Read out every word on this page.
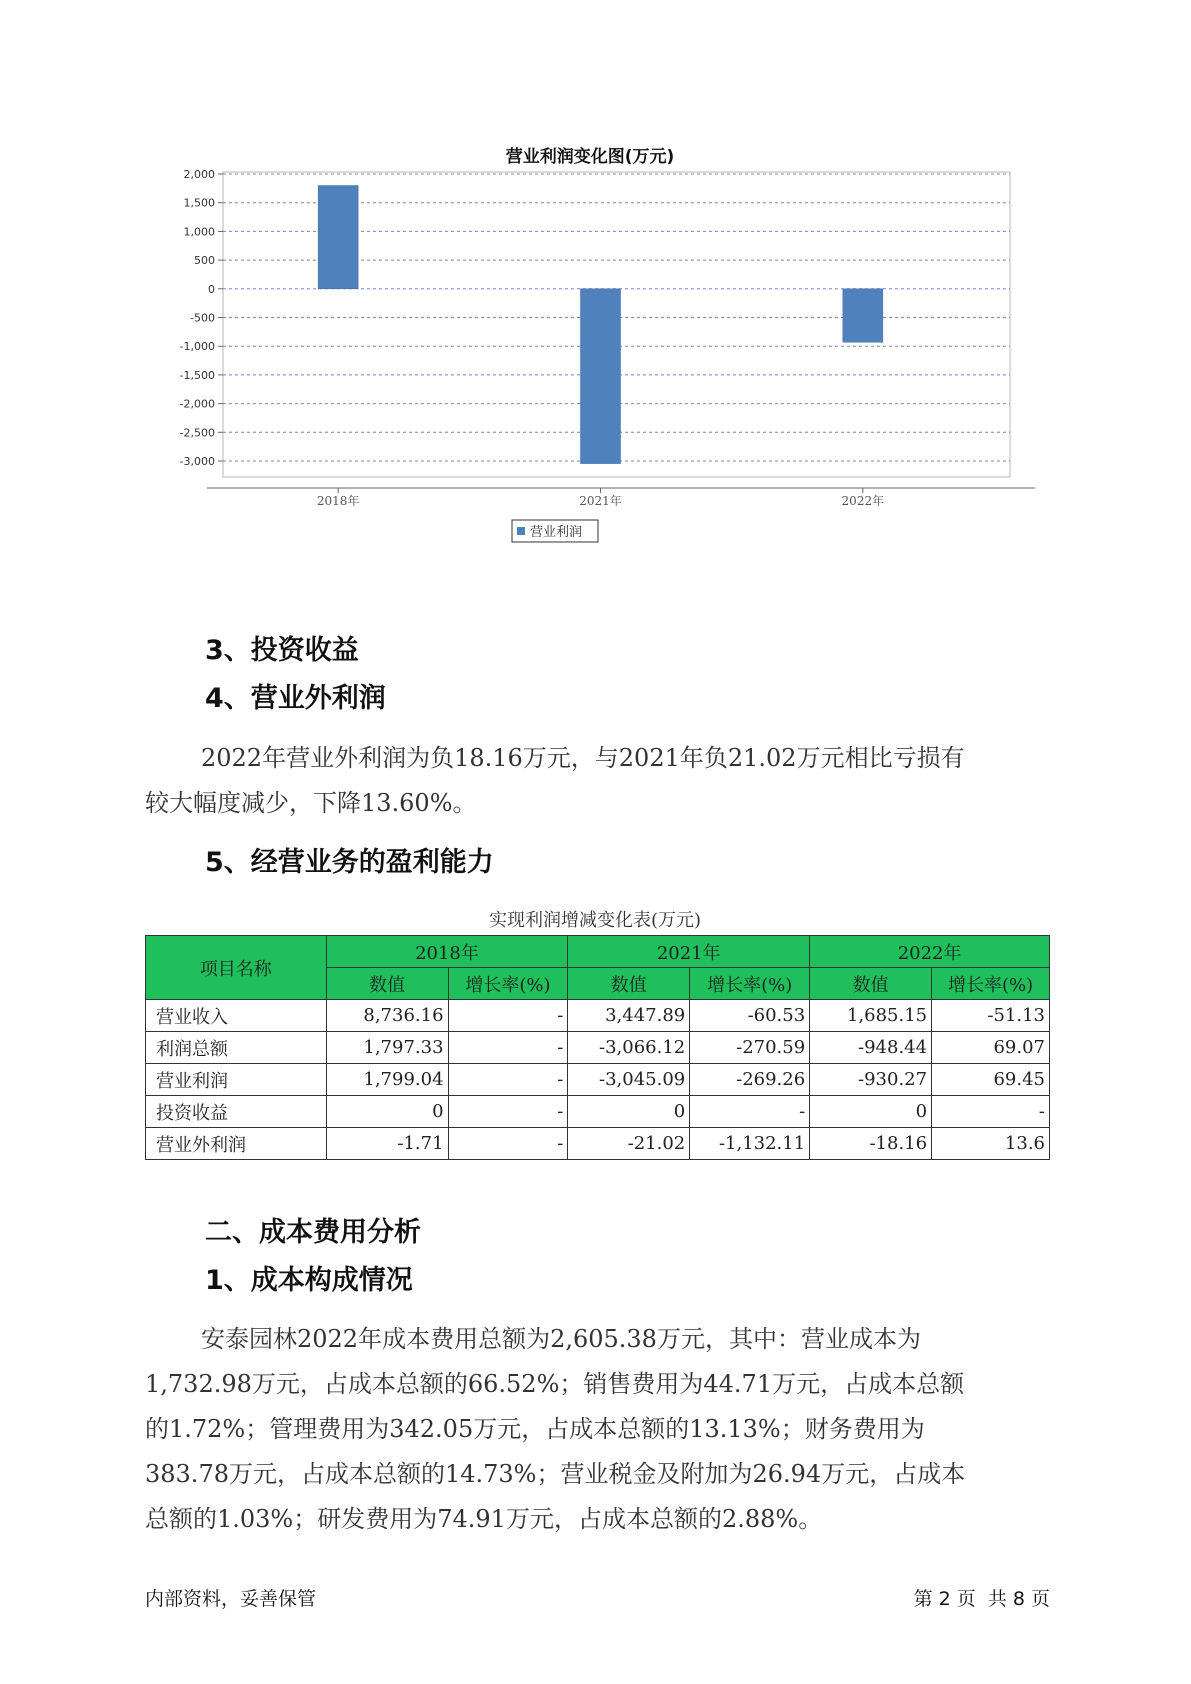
营业利润变化图(万元)
2,000
1,500
1,000
500
0
-500
-1,000
-1,500
-2,000
-2,500
-3,000
2018年	2021年	2022年
营业利润
3、投资收益
4、营业外利润

2022年营业外利润为负18.16万元，与2021年负21.02万元相比亏损有
较大幅度减少，下降13.60%。

5、经营业务的盈利能力
实现利润增减变化表(万元)
项目名称	2018年		2021年		2022年	
	数值	增长率(%)	数值	增长率(%)	数值	增长率(%)
营业收入	8,736.16	-	3,447.89	-60.53	1,685.15	-51.13
利润总额	1,797.33	-	-3,066.12	-270.59	-948.44	69.07
营业利润	1,799.04	-	-3,045.09	-269.26	-930.27	69.45
投资收益	0	-	0	-	0	-
营业外利润	-1.71	-	-21.02	-1,132.11	-18.16	13.6
二、成本费用分析
1、成本构成情况

安泰园林2022年成本费用总额为2,605.38万元，其中：营业成本为
1,732.98万元，占成本总额的66.52%；销售费用为44.71万元，占成本总额
的1.72%；管理费用为342.05万元，占成本总额的13.13%；财务费用为
383.78万元，占成本总额的14.73%；营业税金及附加为26.94万元，占成本
总额的1.03%；研发费用为74.91万元，占成本总额的2.88%。

内部资料，妥善保管	第 2 页  共 8 页
